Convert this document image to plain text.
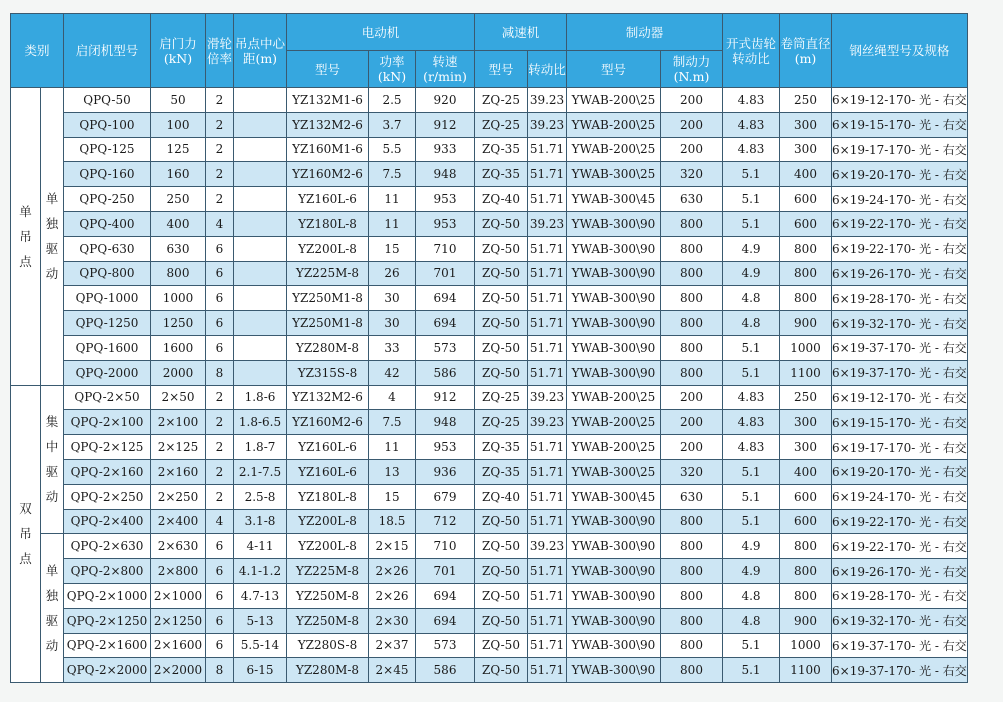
类别		启闭机型号	启门力(kN)	滑轮倍率	吊点中心距(m)	电动机			减速机		制动器		开式齿轮转动比	卷筒直径(m)	钢丝绳型号及规格
						型号	功率(kN)	转速(r/min)	型号	转动比	型号	制动力(N.m)			

单
吊
点	单
独
驱
动	QPQ-50	50	2		YZ132M1-6	2.5	920	ZQ-25	39.23	YWAB-200\25	200	4.83	250	6×19-12-170- 光 - 右交
		QPQ-100	100	2		YZ132M2-6	3.7	912	ZQ-25	39.23	YWAB-200\25	200	4.83	300	6×19-15-170- 光 - 右交
		QPQ-125	125	2		YZ160M1-6	5.5	933	ZQ-35	51.71	YWAB-200\25	200	4.83	300	6×19-17-170- 光 - 右交
		QPQ-160	160	2		YZ160M2-6	7.5	948	ZQ-35	51.71	YWAB-300\25	320	5.1	400	6×19-20-170- 光 - 右交
		QPQ-250	250	2		YZ160L-6	11	953	ZQ-40	51.71	YWAB-300\45	630	5.1	600	6×19-24-170- 光 - 右交
		QPQ-400	400	4		YZ180L-8	11	953	ZQ-50	39.23	YWAB-300\90	800	5.1	600	6×19-22-170- 光 - 右交
		QPQ-630	630	6		YZ200L-8	15	710	ZQ-50	51.71	YWAB-300\90	800	4.9	800	6×19-22-170- 光 - 右交
		QPQ-800	800	6		YZ225M-8	26	701	ZQ-50	51.71	YWAB-300\90	800	4.9	800	6×19-26-170- 光 - 右交
		QPQ-1000	1000	6		YZ250M1-8	30	694	ZQ-50	51.71	YWAB-300\90	800	4.8	800	6×19-28-170- 光 - 右交
		QPQ-1250	1250	6		YZ250M1-8	30	694	ZQ-50	51.71	YWAB-300\90	800	4.8	900	6×19-32-170- 光 - 右交
		QPQ-1600	1600	6		YZ280M-8	33	573	ZQ-50	51.71	YWAB-300\90	800	5.1	1000	6×19-37-170- 光 - 右交
		QPQ-2000	2000	8		YZ315S-8	42	586	ZQ-50	51.71	YWAB-300\90	800	5.1	1100	6×19-37-170- 光 - 右交

双
吊
点	集
中
驱
动	QPQ-2×50	2×50	2	1.8-6	YZ132M2-6	4	912	ZQ-25	39.23	YWAB-200\25	200	4.83	250	6×19-12-170- 光 - 右交
		QPQ-2×100	2×100	2	1.8-6.5	YZ160M2-6	7.5	948	ZQ-25	39.23	YWAB-200\25	200	4.83	300	6×19-15-170- 光 - 右交
		QPQ-2×125	2×125	2	1.8-7	YZ160L-6	11	953	ZQ-35	51.71	YWAB-200\25	200	4.83	300	6×19-17-170- 光 - 右交
		QPQ-2×160	2×160	2	2.1-7.5	YZ160L-6	13	936	ZQ-35	51.71	YWAB-300\25	320	5.1	400	6×19-20-170- 光 - 右交
		QPQ-2×250	2×250	2	2.5-8	YZ180L-8	15	679	ZQ-40	51.71	YWAB-300\45	630	5.1	600	6×19-24-170- 光 - 右交
		QPQ-2×400	2×400	4	3.1-8	YZ200L-8	18.5	712	ZQ-50	51.71	YWAB-300\90	800	5.1	600	6×19-22-170- 光 - 右交

	单
独
驱
动	QPQ-2×630	2×630	6	4-11	YZ200L-8	2×15	710	ZQ-50	39.23	YWAB-300\90	800	4.9	800	6×19-22-170- 光 - 右交
		QPQ-2×800	2×800	6	4.1-1.2	YZ225M-8	2×26	701	ZQ-50	51.71	YWAB-300\90	800	4.9	800	6×19-26-170- 光 - 右交
		QPQ-2×1000	2×1000	6	4.7-13	YZ250M-8	2×26	694	ZQ-50	51.71	YWAB-300\90	800	4.8	800	6×19-28-170- 光 - 右交
		QPQ-2×1250	2×1250	6	5-13	YZ250M-8	2×30	694	ZQ-50	51.71	YWAB-300\90	800	4.8	900	6×19-32-170- 光 - 右交
		QPQ-2×1600	2×1600	6	5.5-14	YZ280S-8	2×37	573	ZQ-50	51.71	YWAB-300\90	800	5.1	1000	6×19-37-170- 光 - 右交
		QPQ-2×2000	2×2000	8	6-15	YZ280M-8	2×45	586	ZQ-50	51.71	YWAB-300\90	800	5.1	1100	6×19-37-170- 光 - 右交
